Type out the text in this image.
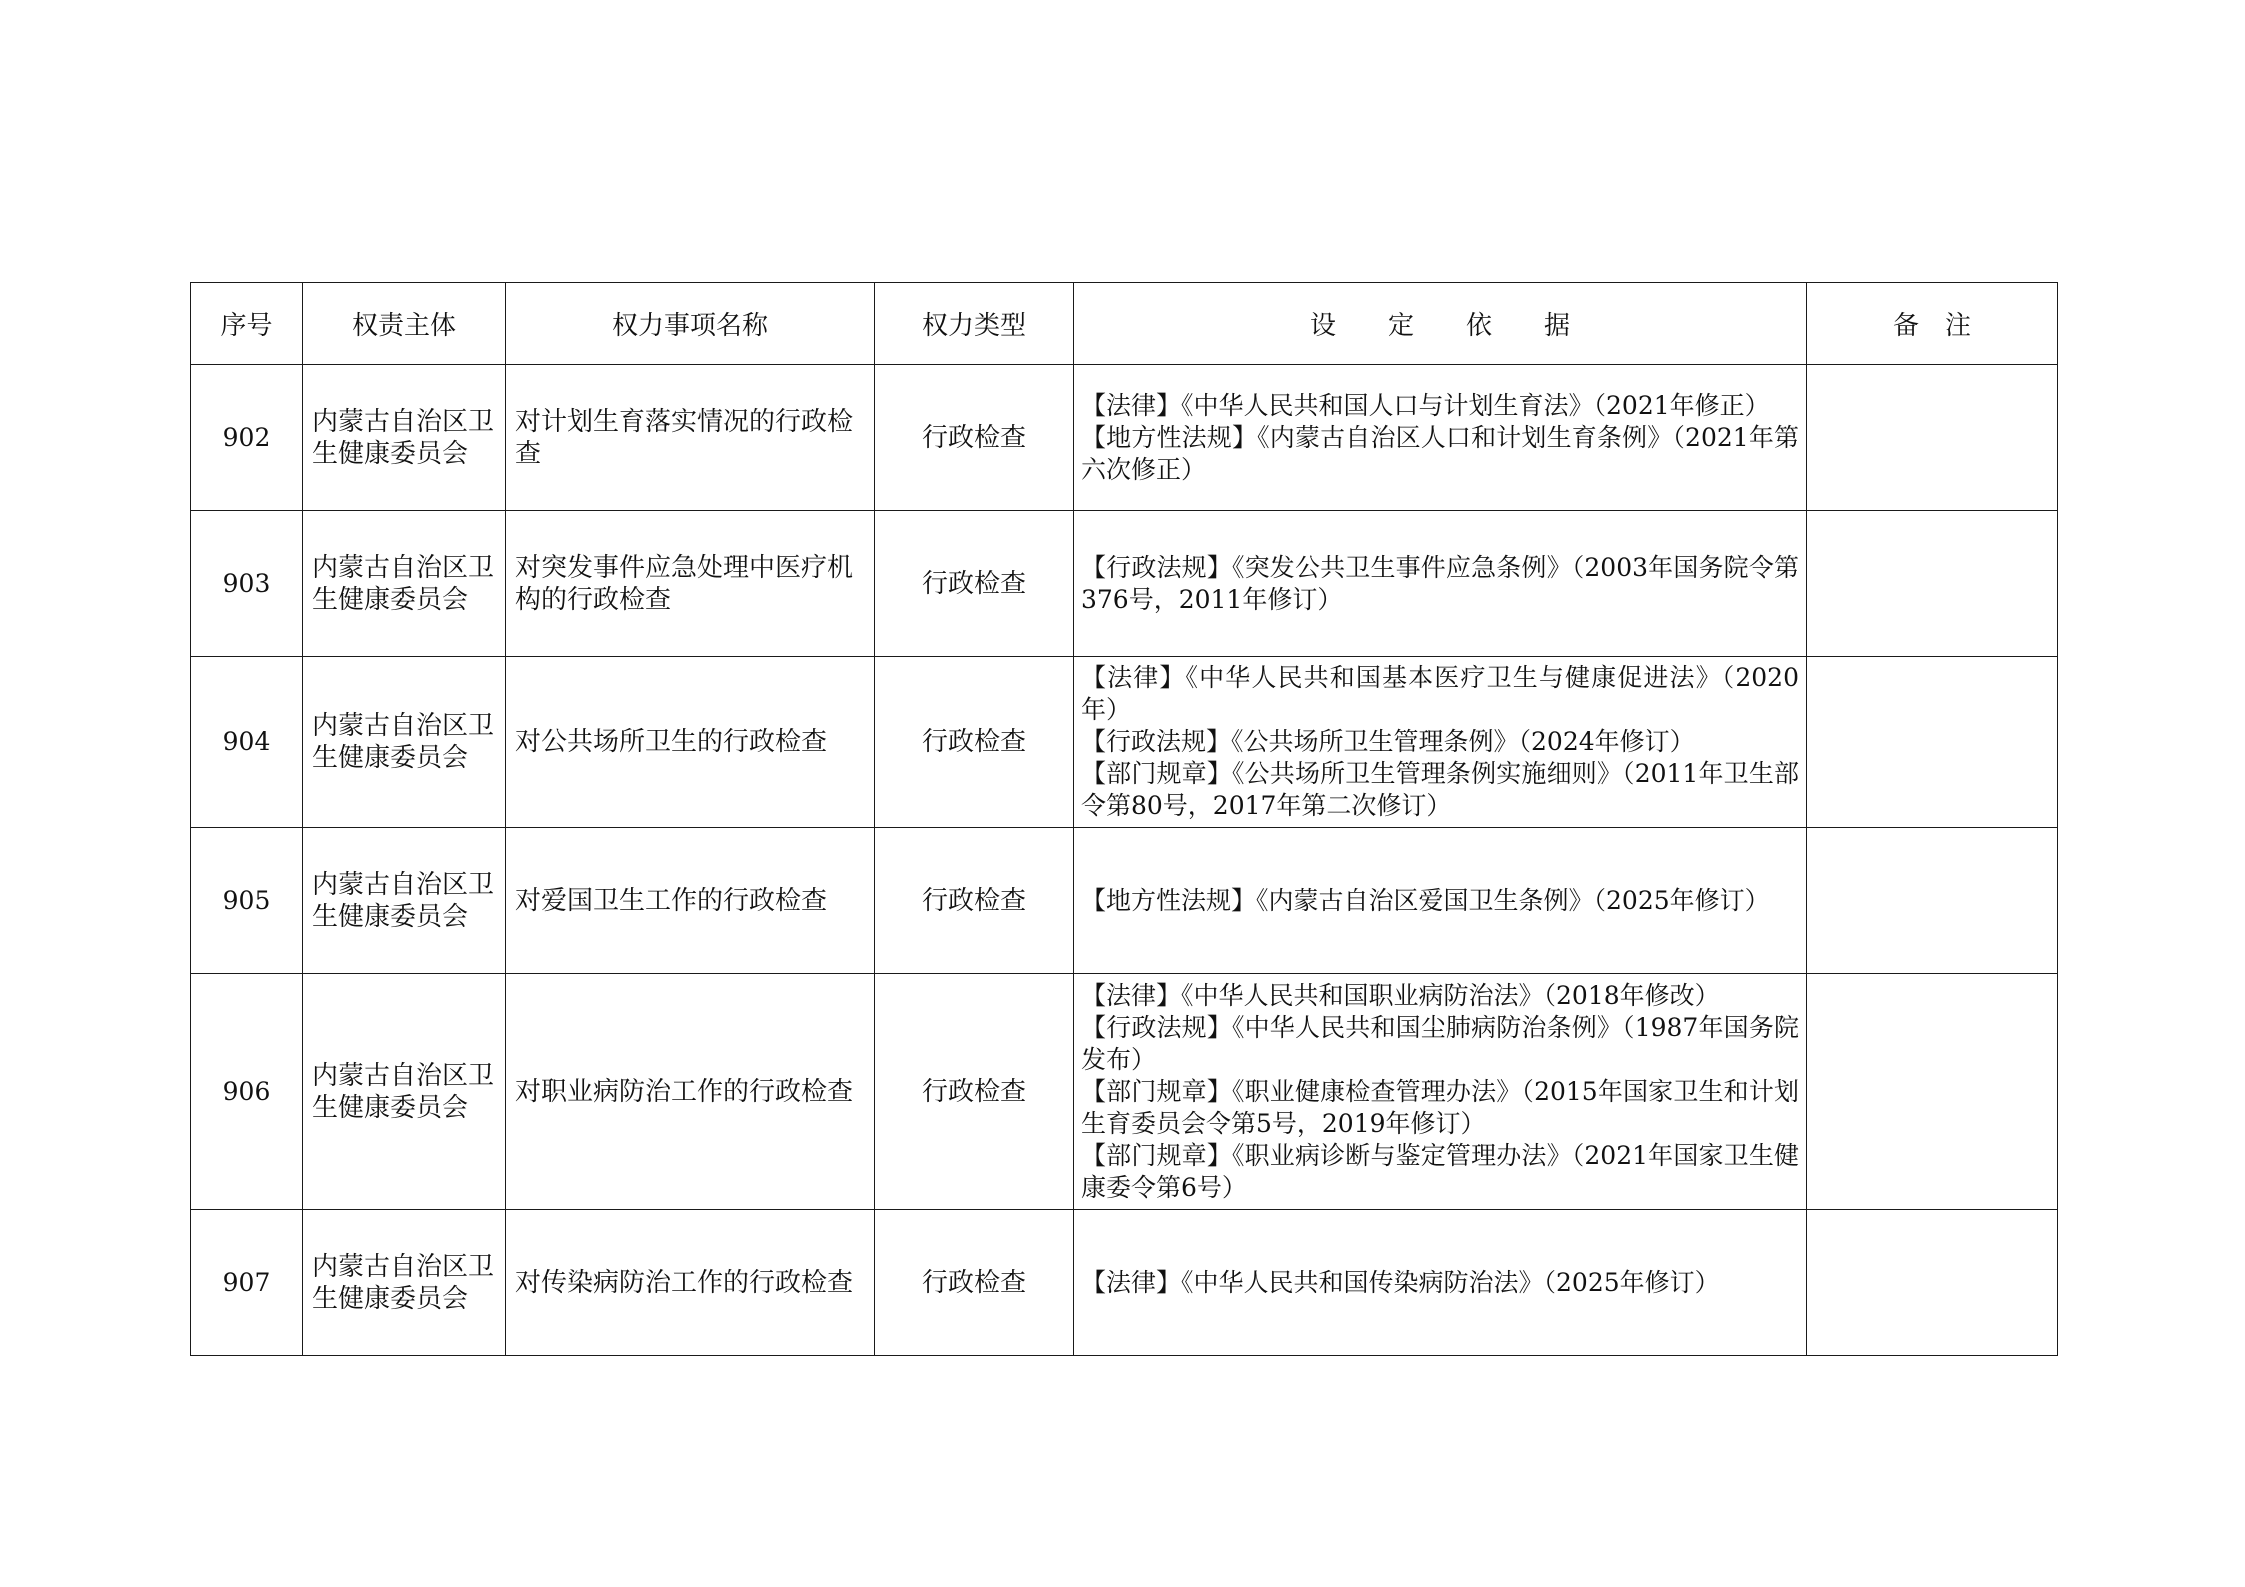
序号	权责主体	权力事项名称	权力类型	设　　定　　依　　据	备　注
902	内蒙古自治区卫生健康委员会	对计划生育落实情况的行政检查	行政检查	【法律】《中华人民共和国人口与计划生育法》（2021年修正）
【地方性法规】《内蒙古自治区人口和计划生育条例》（2021年第六次修正）	

903	内蒙古自治区卫生健康委员会	对突发事件应急处理中医疗机构的行政检查	行政检查	【行政法规】《突发公共卫生事件应急条例》（2003年国务院令第376号，2011年修订）	

904	内蒙古自治区卫生健康委员会	对公共场所卫生的行政检查	行政检查	【法律】《中华人民共和国基本医疗卫生与健康促进法》（2020年）
【行政法规】《公共场所卫生管理条例》（2024年修订）
【部门规章】《公共场所卫生管理条例实施细则》（2011年卫生部令第80号，2017年第二次修订）	

905	内蒙古自治区卫生健康委员会	对爱国卫生工作的行政检查	行政检查	【地方性法规】《内蒙古自治区爱国卫生条例》（2025年修订）	

906	内蒙古自治区卫生健康委员会	对职业病防治工作的行政检查	行政检查	【法律】《中华人民共和国职业病防治法》（2018年修改）
【行政法规】《中华人民共和国尘肺病防治条例》（1987年国务院发布）
【部门规章】《职业健康检查管理办法》（2015年国家卫生和计划生育委员会令第5号，2019年修订）
【部门规章】《职业病诊断与鉴定管理办法》（2021年国家卫生健康委令第6号）	

907	内蒙古自治区卫生健康委员会	对传染病防治工作的行政检查	行政检查	【法律】《中华人民共和国传染病防治法》（2025年修订）	
